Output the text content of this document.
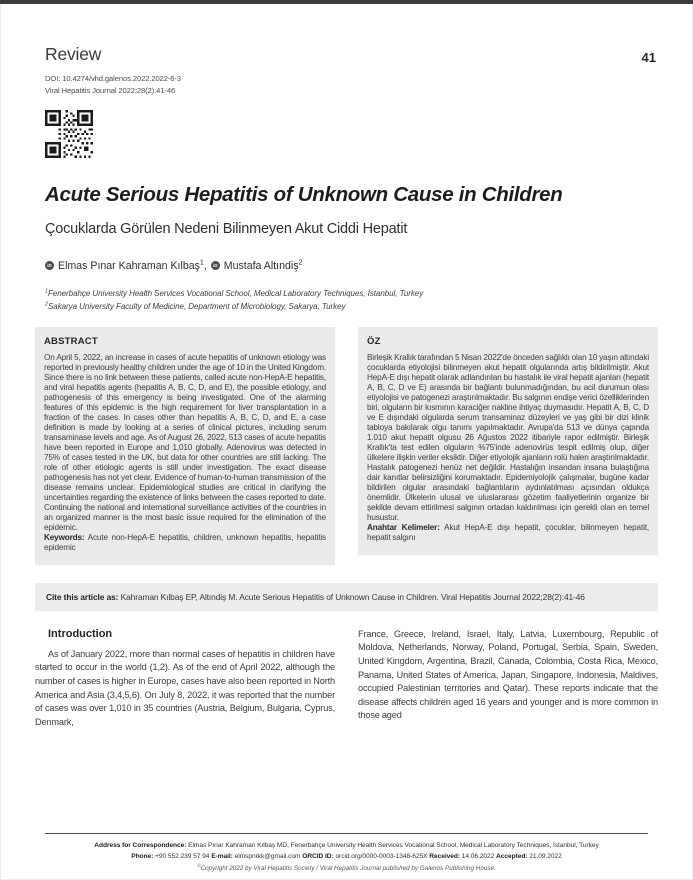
Review	41
DOI: 10.4274/vhd.galenos.2022.2022-6-3
Viral Hepatitis Journal 2022;28(2):41-46
Acute Serious Hepatitis of Unknown Cause in Children
Çocuklarda Görülen Nedeni Bilinmeyen Akut Ciddi Hepatit
iD Elmas Pınar Kahraman Kılbaş$^1$,	iD Mustafa Altındiş$^2$
$^1$Fenerbahçe University Health Services Vocational School, Medical Laboratory Techniques, İstanbul, Turkey
$^2$Sakarya University Faculty of Medicine, Department of Microbiology, Sakarya, Turkey
ABSTRACT

On April 5, 2022, an increase in cases of acute hepatitis of unknown etiology was reported in previously healthy children under the age of 10 in the United Kingdom. Since there is no link between these patients, called acute non-HepA-E hepatitis, and viral hepatitis agents (hepatitis A, B, C, D, and E), the possible etiology, and pathogenesis of this emergency is being investigated. One of the alarming features of this epidemic is the high requirement for liver transplantation in a fraction of the cases. In cases other than hepatitis A, B, C, D, and E, a case definition is made by looking at a series of clinical pictures, including serum transaminase levels and age. As of August 26, 2022, 513 cases of acute hepatitis have been reported in Europe and 1,010 globally. Adenovirus was detected in 75% of cases tested in the UK, but data for other countries are still lacking. The role of other etiologic agents is still under investigation. The exact disease pathogenesis has not yet clear. Evidence of human-to-human transmission of the disease remains unclear. Epidemiological studies are critical in clarifying the uncertainties regarding the existence of links between the cases reported to date. Continuing the national and international surveillance activities of the countries in an organized manner is the most basic issue required for the elimination of the epidemic.

Keywords: Acute non-HepA-E hepatitis, children, unknown hepatitis, hepatitis epidemic

ÖZ

Birleşik Krallık tarafından 5 Nisan 2022'de önceden sağlıklı olan 10 yaşın altındaki çocuklarda etiyolojisi bilinmeyen akut hepatit olgularında artış bildirilmiştir. Akut HepA-E dışı hepatit olarak adlandırılan bu hastalık ile viral hepatit ajanları (hepatit A, B, C, D ve E) arasında bir bağlantı bulunmadığından, bu acil durumun olası etiyolojisi ve patogenezi araştırılmaktadır. Bu salgının endişe verici özelliklerinden biri, olguların bir kısmının karaciğer nakline ihtiyaç duymasıdır. Hepatit A, B, C, D ve E dışındaki olgularda serum transaminaz düzeyleri ve yaş gibi bir dizi klinik tabloya bakılarak olgu tanımı yapılmaktadır. Avrupa'da 513 ve dünya çapında 1.010 akut hepatit olgusu 26 Ağustos 2022 itibariyle rapor edilmiştir. Birleşik Krallık'ta test edilen olguların %75'inde adenovirüs tespit edilmiş olup, diğer ülkelere ilişkin veriler eksiktir. Diğer etiyolojik ajanların rolü halen araştırılmaktadır. Hastalık patogenezi henüz net değildir. Hastalığın insandan insana bulaştığına dair kanıtlar belirsizliğini korumaktadır. Epidemiyolojik çalışmalar, bugüne kadar bildirilen olgular arasındaki bağlantıların aydınlatılması açısından oldukça önemlidir. Ülkelerin ulusal ve uluslararası gözetim faaliyetlerinin organize bir şekilde devam ettirilmesi salgının ortadan kaldırılması için gerekli olan en temel husustur.

Anahtar Kelimeler: Akut HepA-E dışı hepatit, çocuklar, bilinmeyen hepatit, hepatit salgını

Cite this article as: Kahraman Kılbaş EP, Altındiş M. Acute Serious Hepatitis of Unknown Cause in Children. Viral Hepatitis Journal 2022;28(2):41-46
Introduction

As of January 2022, more than normal cases of hepatitis in children have started to occur in the world (1,2). As of the end of April 2022, although the number of cases is higher in Europe, cases have also been reported in North America and Asia (3,4,5,6). On July 8, 2022, it was reported that the number of cases was over 1,010 in 35 countries (Austria, Belgium, Bulgaria, Cyprus, Denmark,

France, Greece, Ireland, Israel, Italy, Latvia, Luxembourg, Republic of Moldova, Netherlands, Norway, Poland, Portugal, Serbia, Spain, Sweden, United Kingdom, Argentina, Brazil, Canada, Colombia, Costa Rica, Mexico, Panama, United States of America, Japan, Singapore, Indonesia, Maldives, occupied Palestinian territories and Qatar). These reports indicate that the disease affects children aged 16 years and younger and is more common in those aged

Address for Correspondence: Elmas Pınar Kahraman Kılbaş MD, Fenerbahçe University Health Services Vocational School, Medical Laboratory Techniques, İstanbul, Turkey
Phone: +90 552 239 57 94 E-mail: elmspnrkk@gmail.com ORCID ID: orcid.org/0000-0003-1348-625X Received: 14.06.2022 Accepted: 21.09.2022
©Copyright 2022 by Viral Hepatitis Society / Viral Hepatitis Journal published by Galenos Publishing House.
